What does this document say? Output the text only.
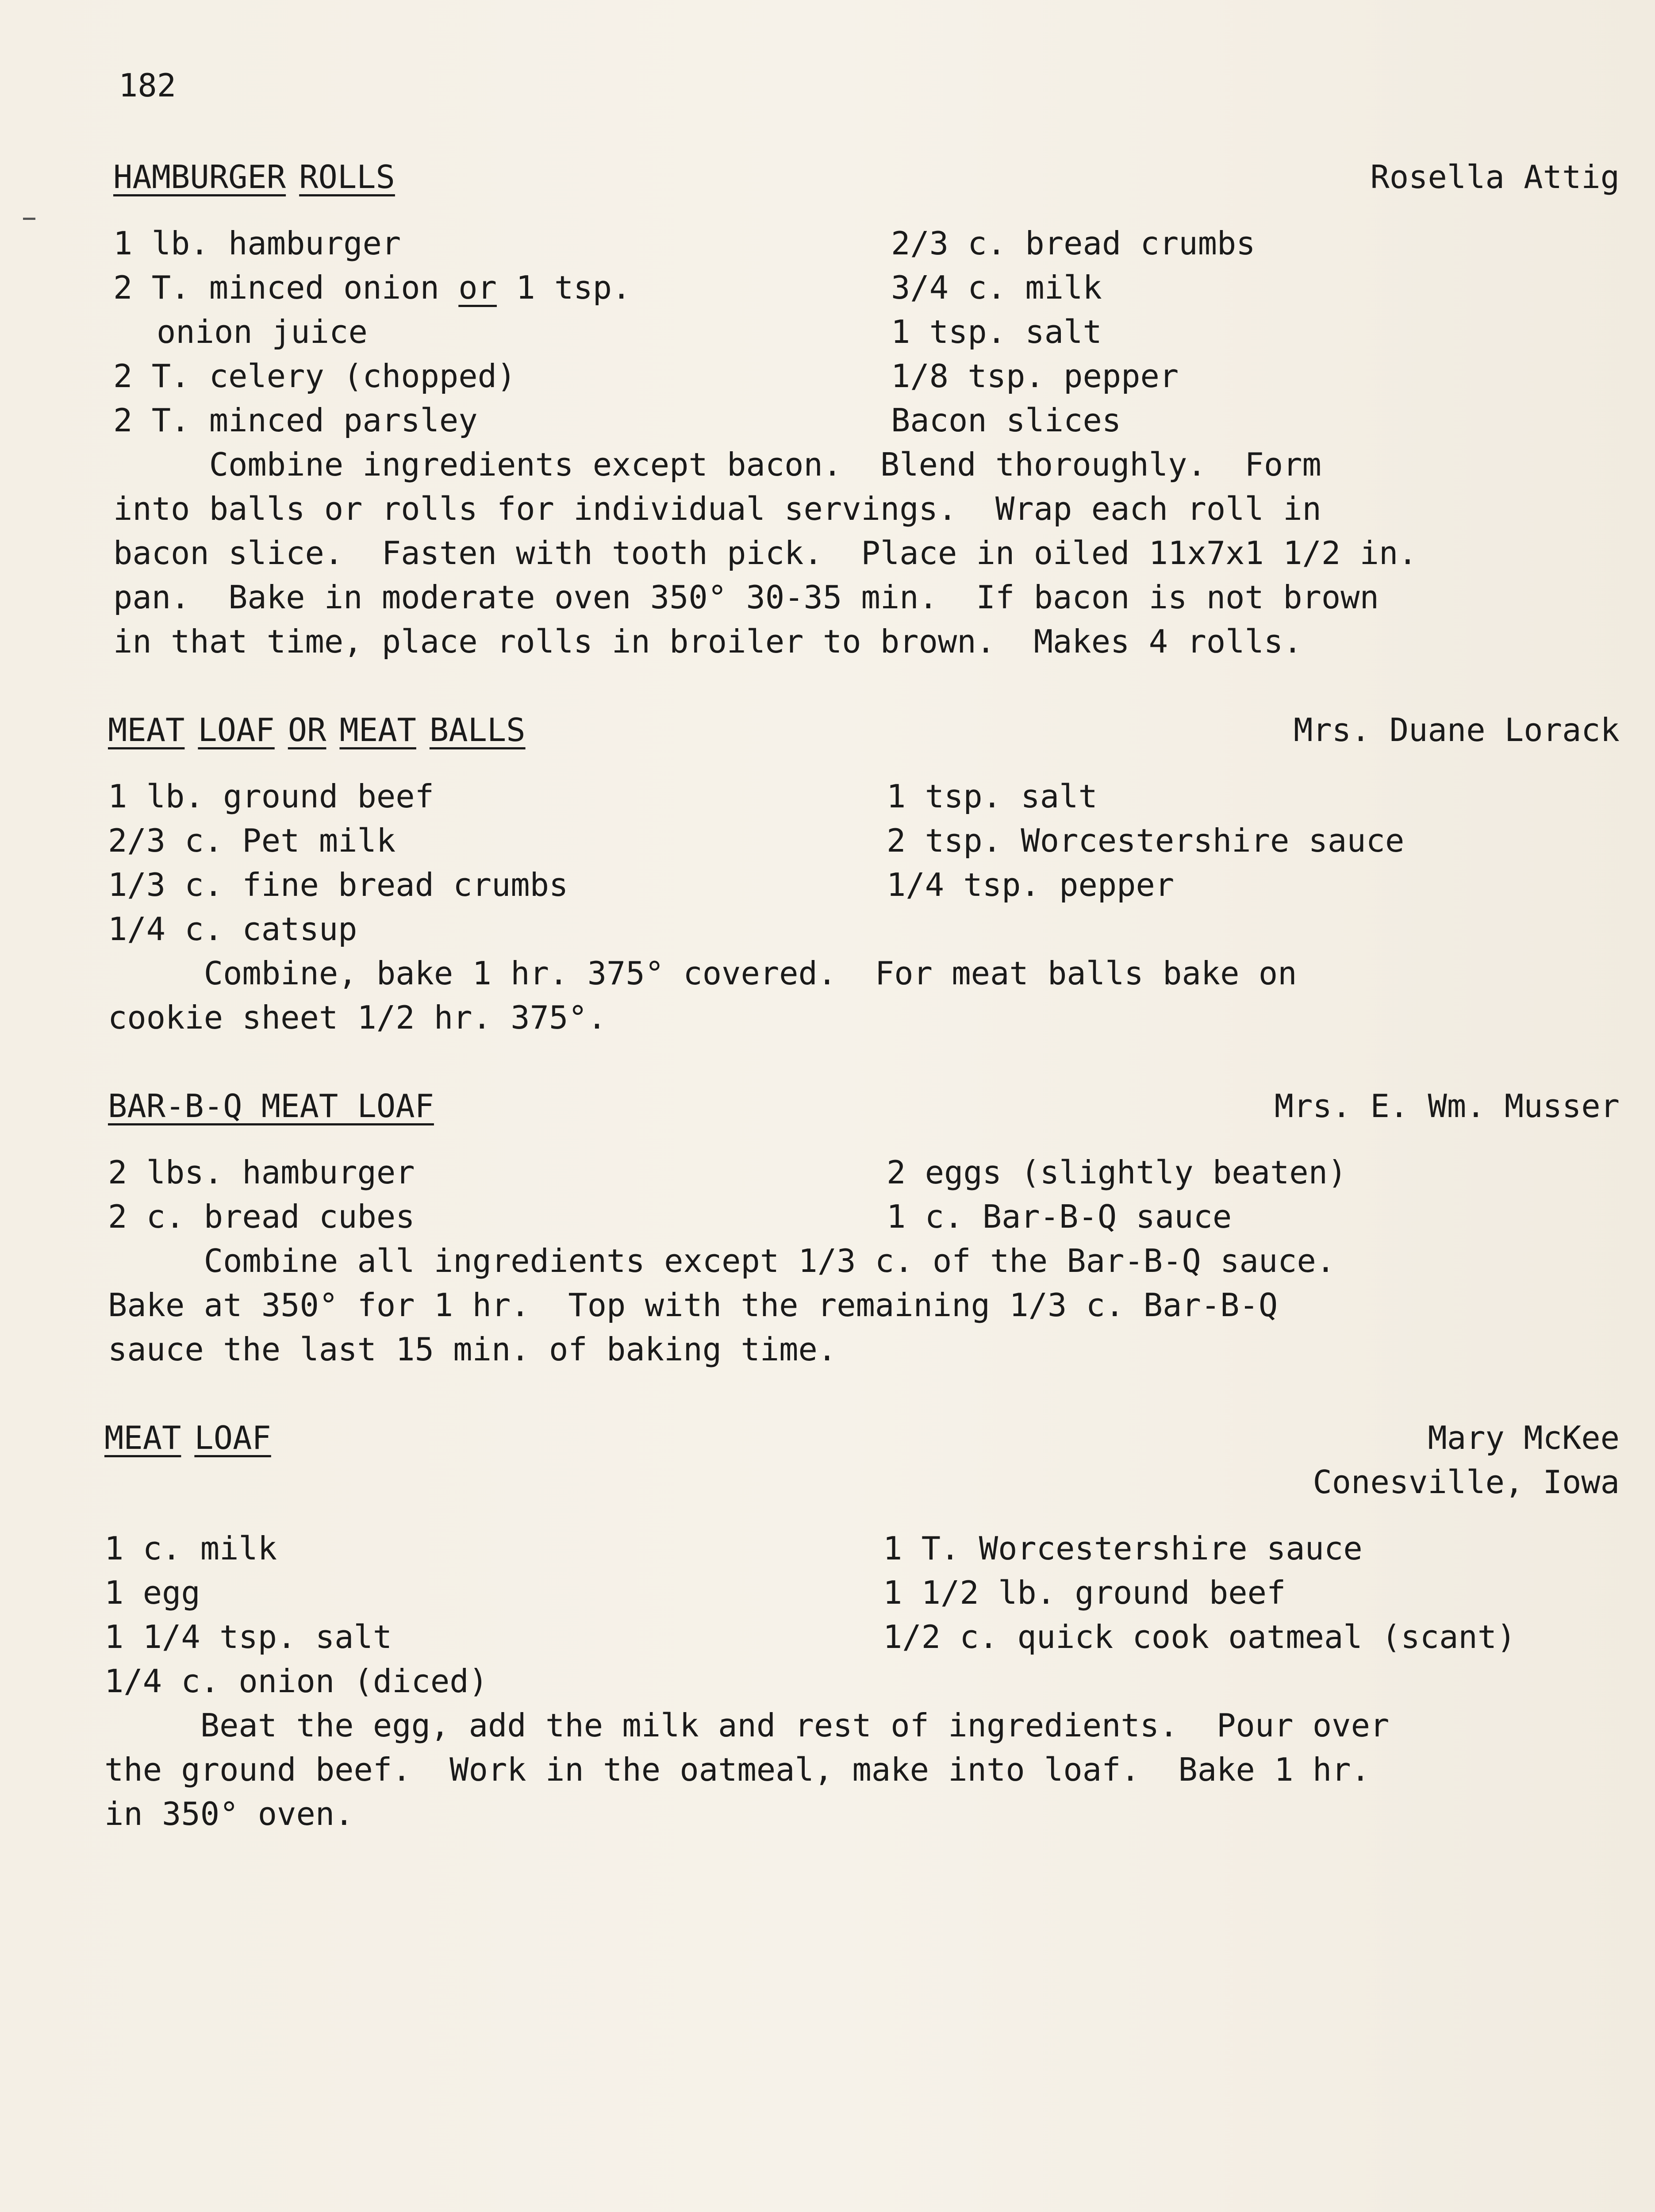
182
HAMBURGER ROLLS	Rosella Attig
1 lb. hamburger
2 T. minced onion or 1 tsp.
onion juice
2 T. celery (chopped)
2 T. minced parsley
2/3 c. bread crumbs
3/4 c. milk
1 tsp. salt
1/8 tsp. pepper
Bacon slices
Combine ingredients except bacon.  Blend thoroughly.  Form
into balls or rolls for individual servings.  Wrap each roll in
bacon slice.  Fasten with tooth pick.  Place in oiled 11x7x1 1/2 in.
pan.  Bake in moderate oven 350° 30-35 min.  If bacon is not brown
in that time, place rolls in broiler to brown.  Makes 4 rolls.
MEAT LOAF OR MEAT BALLS	Mrs. Duane Lorack
1 lb. ground beef
2/3 c. Pet milk
1/3 c. fine bread crumbs
1/4 c. catsup
1 tsp. salt
2 tsp. Worcestershire sauce
1/4 tsp. pepper
Combine, bake 1 hr. 375° covered.  For meat balls bake on
cookie sheet 1/2 hr. 375°.
BAR-B-Q MEAT LOAF	Mrs. E. Wm. Musser
2 lbs. hamburger
2 c. bread cubes
2 eggs (slightly beaten)
1 c. Bar-B-Q sauce
Combine all ingredients except 1/3 c. of the Bar-B-Q sauce.
Bake at 350° for 1 hr.  Top with the remaining 1/3 c. Bar-B-Q
sauce the last 15 min. of baking time.
MEAT LOAF	Mary McKee
Conesville, Iowa
1 c. milk
1 egg
1 1/4 tsp. salt
1/4 c. onion (diced)
1 T. Worcestershire sauce
1 1/2 lb. ground beef
1/2 c. quick cook oatmeal (scant)
Beat the egg, add the milk and rest of ingredients.  Pour over
the ground beef.  Work in the oatmeal, make into loaf.  Bake 1 hr.
in 350° oven.
